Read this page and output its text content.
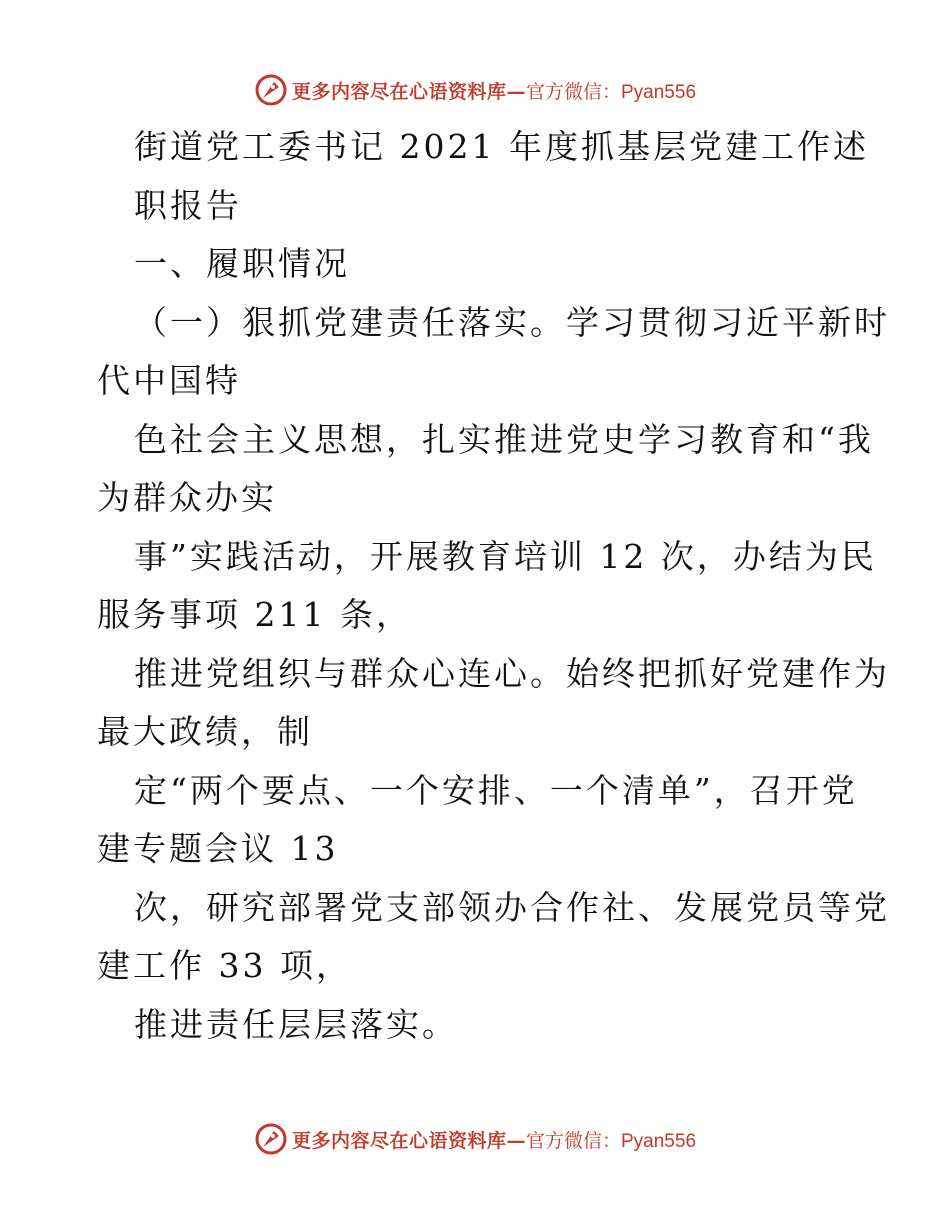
更多内容尽在心语资料库— 官方微信：Pyan556
街道党工委书记 2021 年度抓基层党建工作述
职报告
一、履职情况
（一）狠抓党建责任落实。学习贯彻习近平新时
代中国特
色社会主义思想，扎实推进党史学习教育和“我
为群众办实
事”实践活动，开展教育培训 12 次，办结为民
服务事项 211 条，
推进党组织与群众心连心。始终把抓好党建作为
最大政绩，制
定“两个要点、一个安排、一个清单”，召开党
建专题会议 13
次，研究部署党支部领办合作社、发展党员等党
建工作 33 项，
推进责任层层落实。
更多内容尽在心语资料库— 官方微信：Pyan556
